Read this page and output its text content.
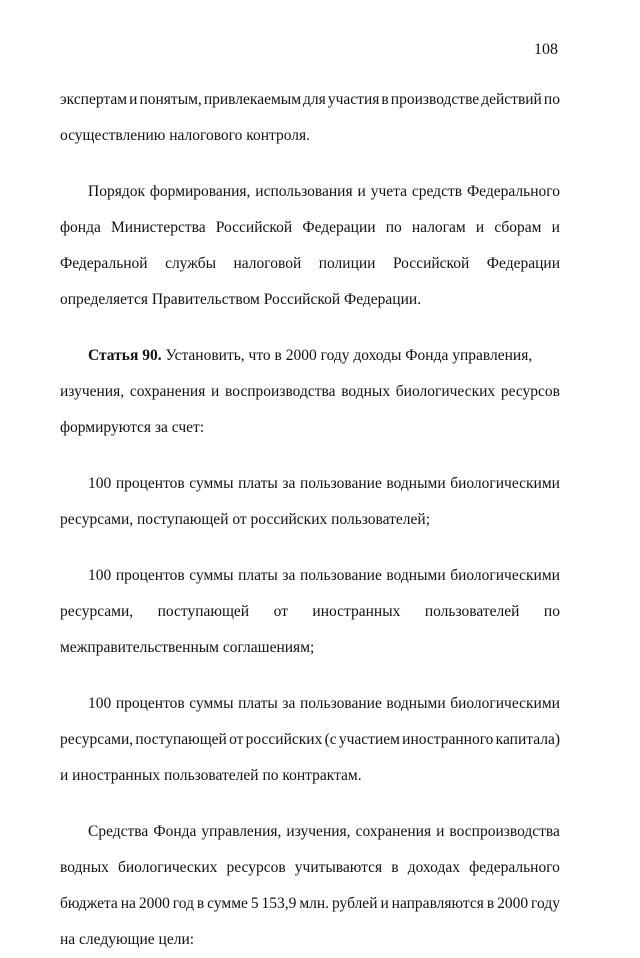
108
экспертам и понятым, привлекаемым для участия в производстве действий по
осуществлению налогового контроля.
Порядок формирования, использования и учета средств Федерального
фонда Министерства Российской Федерации по налогам и сборам и
Федеральной службы налоговой полиции Российской Федерации
определяется Правительством Российской Федерации.
Статья 90. Установить, что в 2000 году доходы Фонда управления,
изучения, сохранения и воспроизводства водных биологических ресурсов
формируются за счет:
100 процентов суммы платы за пользование водными биологическими
ресурсами, поступающей от российских пользователей;
100 процентов суммы платы за пользование водными биологическими
ресурсами, поступающей от иностранных пользователей по
межправительственным соглашениям;
100 процентов суммы платы за пользование водными биологическими
ресурсами, поступающей от российских (с участием иностранного капитала)
и иностранных пользователей по контрактам.
Средства Фонда управления, изучения, сохранения и воспроизводства
водных биологических ресурсов учитываются в доходах федерального
бюджета на 2000 год в сумме 5 153,9 млн. рублей и направляются в 2000 году
на следующие цели:
